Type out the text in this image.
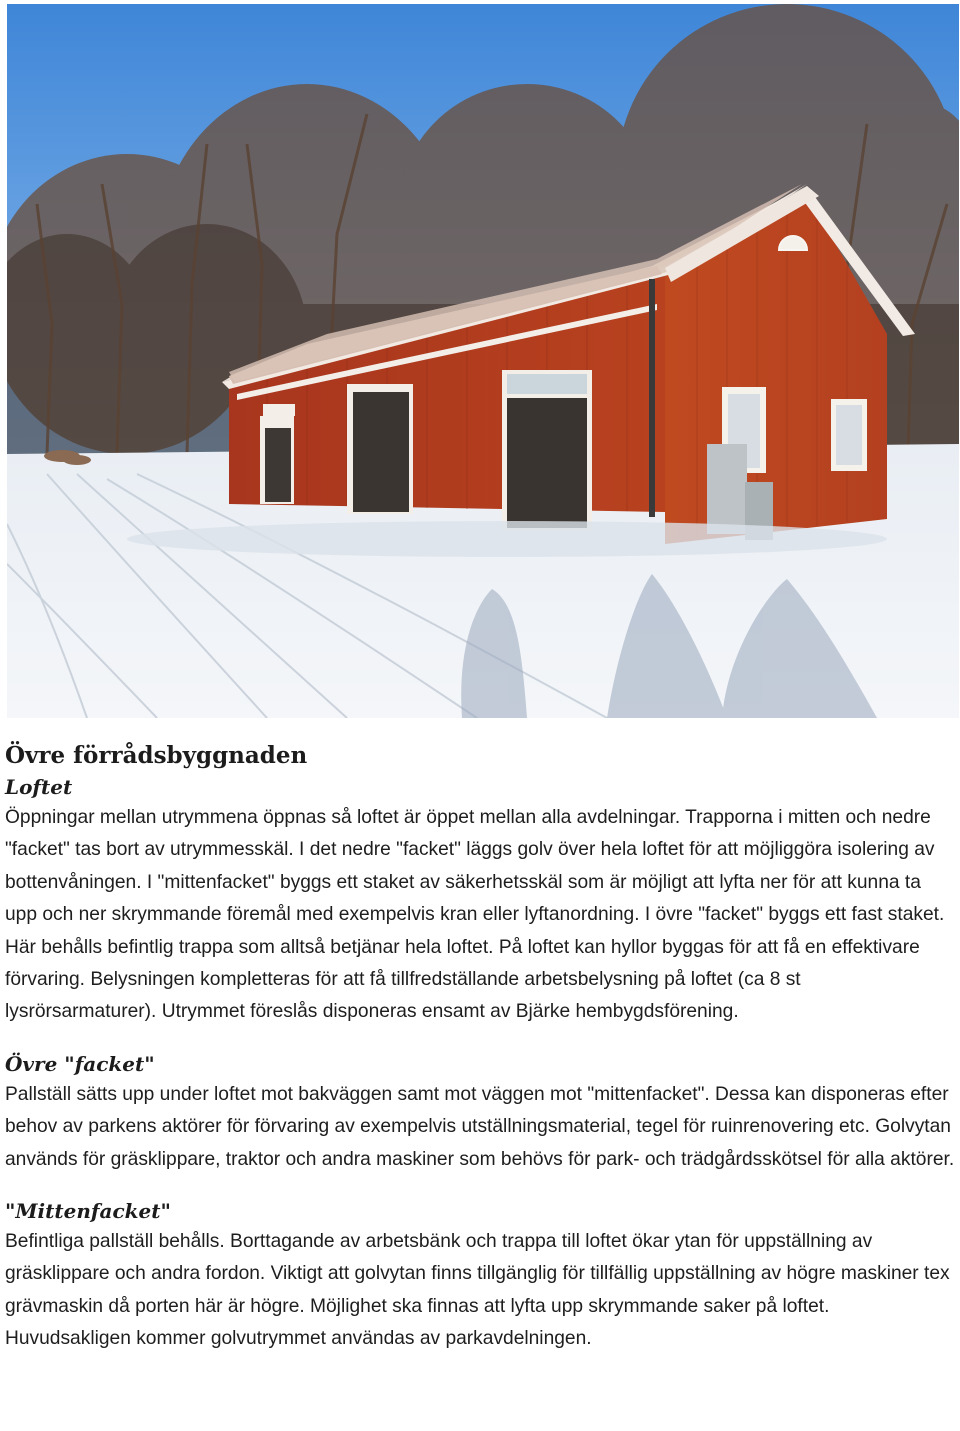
Övre förrådsbyggnaden
Loftet

Öppningar mellan utrymmena öppnas så loftet är öppet mellan alla avdelningar. Trapporna i mitten och nedre "facket" tas bort av utrymmesskäl. I det nedre "facket" läggs golv över hela loftet för att möjliggöra isolering av bottenvåningen. I "mittenfacket" byggs ett staket av säkerhetsskäl som är möjligt att lyfta ner för att kunna ta upp och ner skrymmande föremål med exempelvis kran eller lyftanordning. I övre "facket" byggs ett fast staket. Här behålls befintlig trappa som alltså betjänar hela loftet. På loftet kan hyllor byggas för att få en effektivare förvaring. Belysningen kompletteras för att få tillfredställande arbetsbelysning på loftet (ca 8 st lysrörsarmaturer). Utrymmet föreslås disponeras ensamt av Bjärke hembygdsförening.

Övre "facket"

Pallställ sätts upp under loftet mot bakväggen samt mot väggen mot "mittenfacket". Dessa kan disponeras efter behov av parkens aktörer för förvaring av exempelvis utställningsmaterial, tegel för ruinrenovering etc. Golvytan används för gräsklippare, traktor och andra maskiner som behövs för park- och trädgårdsskötsel för alla aktörer.

"Mittenfacket"

Befintliga pallställ behålls. Borttagande av arbetsbänk och trappa till loftet ökar ytan för uppställning av gräsklippare och andra fordon. Viktigt att golvytan finns tillgänglig för tillfällig uppställning av högre maskiner tex grävmaskin då porten här är högre. Möjlighet ska finnas att lyfta upp skrymmande saker på loftet. Huvudsakligen kommer golvutrymmet användas av parkavdelningen.
